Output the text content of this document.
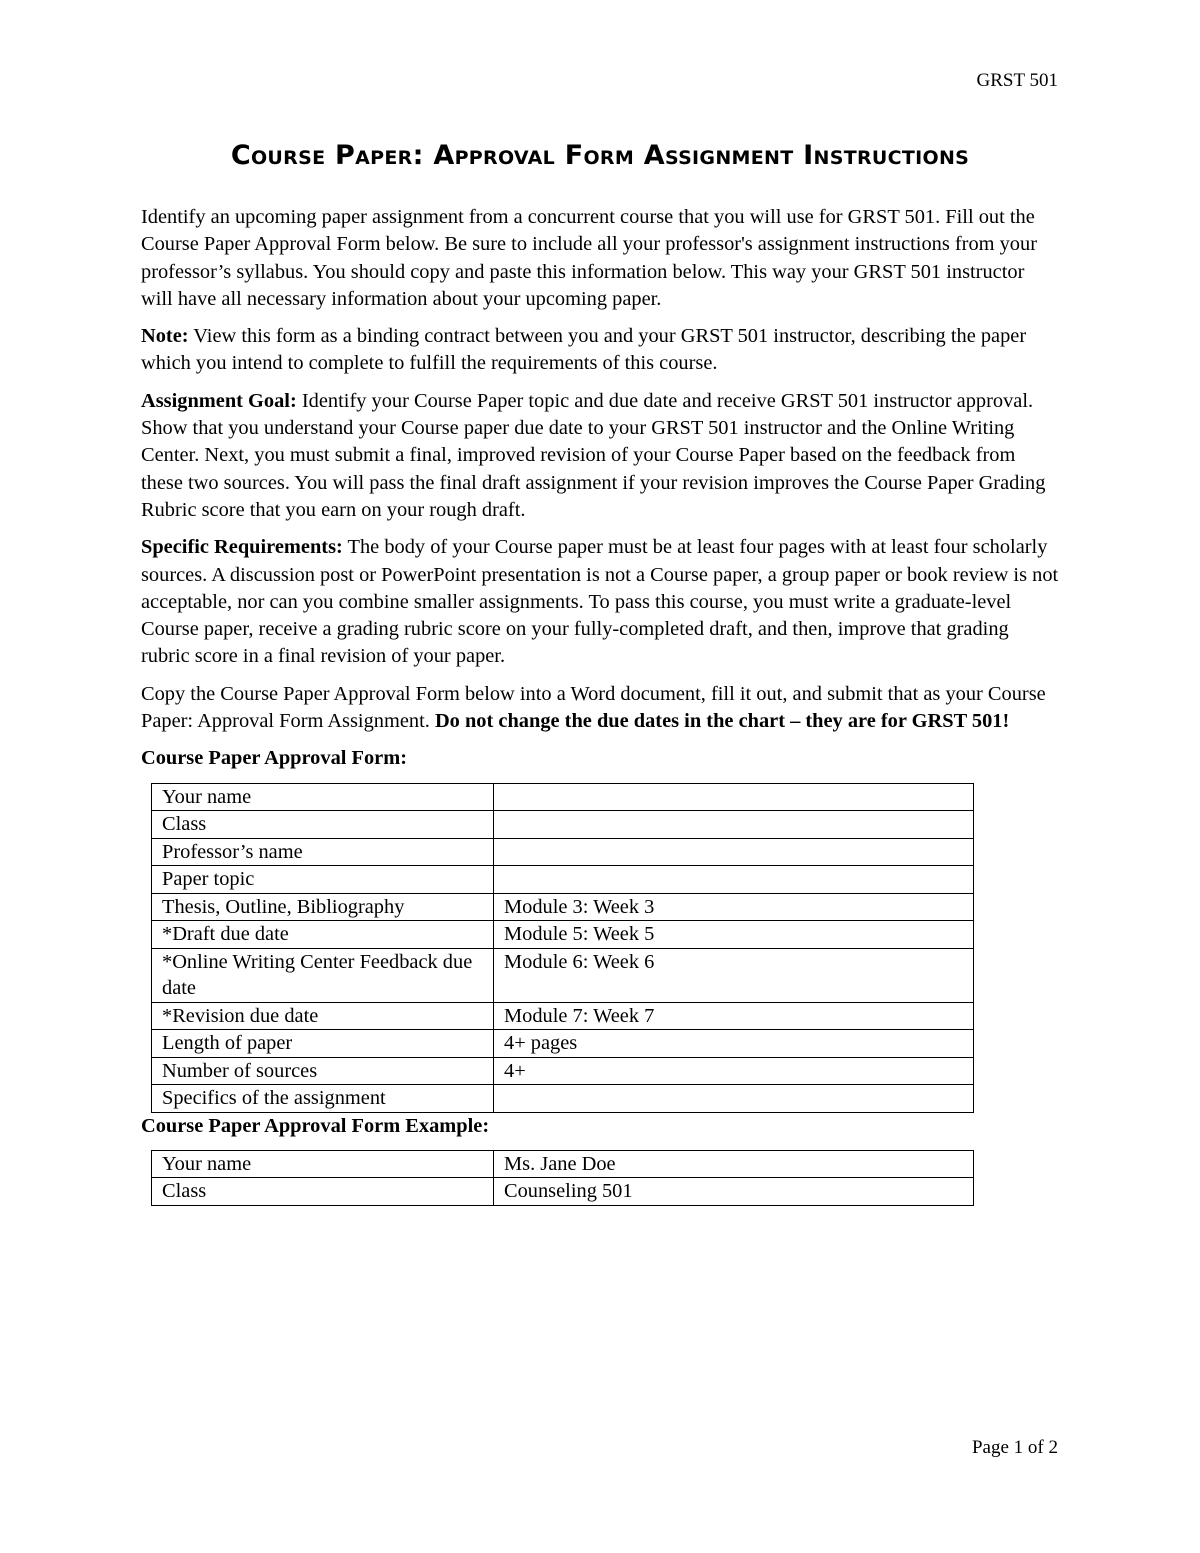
GRST 501
Course Paper: Approval Form Assignment Instructions

Identify an upcoming paper assignment from a concurrent course that you will use for GRST 501. Fill out the Course Paper Approval Form below. Be sure to include all your professor's assignment instructions from your professor’s syllabus. You should copy and paste this information below. This way your GRST 501 instructor will have all necessary information about your upcoming paper.

Note: View this form as a binding contract between you and your GRST 501 instructor, describing the paper which you intend to complete to fulfill the requirements of this course.

Assignment Goal: Identify your Course Paper topic and due date and receive GRST 501 instructor approval. Show that you understand your Course paper due date to your GRST 501 instructor and the Online Writing Center. Next, you must submit a final, improved revision of your Course Paper based on the feedback from these two sources. You will pass the final draft assignment if your revision improves the Course Paper Grading Rubric score that you earn on your rough draft.

Specific Requirements: The body of your Course paper must be at least four pages with at least four scholarly sources. A discussion post or PowerPoint presentation is not a Course paper, a group paper or book review is not acceptable, nor can you combine smaller assignments. To pass this course, you must write a graduate-level Course paper, receive a grading rubric score on your fully-completed draft, and then, improve that grading rubric score in a final revision of your paper.

Copy the Course Paper Approval Form below into a Word document, fill it out, and submit that as your Course Paper: Approval Form Assignment. Do not change the due dates in the chart – they are for GRST 501!

Course Paper Approval Form:

Your name	
Class	
Professor’s name	
Paper topic	
Thesis, Outline, Bibliography	Module 3: Week 3
*Draft due date	Module 5: Week 5
*Online Writing Center Feedback due date	Module 6: Week 6
*Revision due date	Module 7: Week 7
Length of paper	4+ pages
Number of sources	4+
Specifics of the assignment	

Course Paper Approval Form Example:

Your name	Ms. Jane Doe
Class	Counseling 501
Page 1 of 2
